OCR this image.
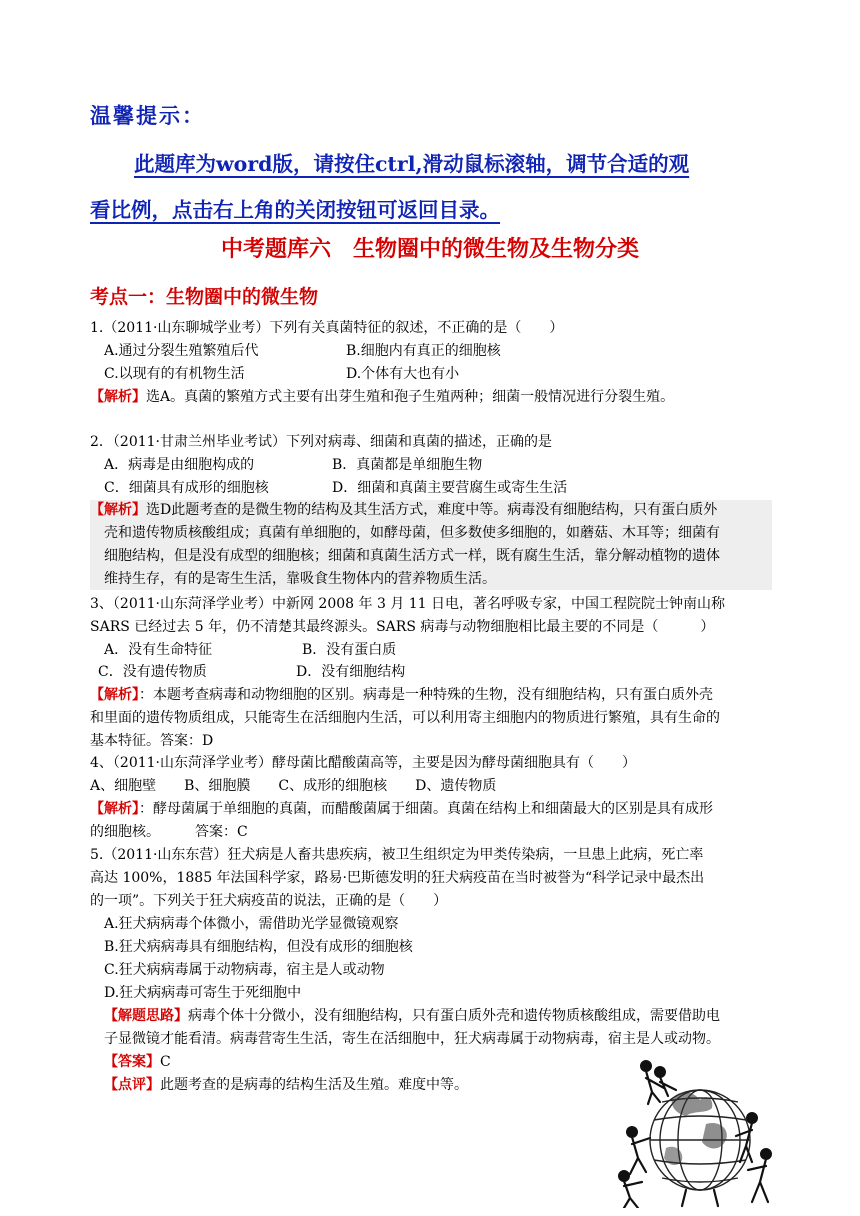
温馨提示：
此题库为word版，请按住ctrl,滑动鼠标滚轴，调节合适的观
看比例，点击右上角的关闭按钮可返回目录。
中考题库六　生物圈中的微生物及生物分类
考点一：生物圈中的微生物
1.（2011·山东聊城学业考）下列有关真菌特征的叙述，不正确的是（　　）
A.通过分裂生殖繁殖后代	B.细胞内有真正的细胞核
C.以现有的有机物生活	D.个体有大也有小
【解析】选A。真菌的繁殖方式主要有出芽生殖和孢子生殖两种；细菌一般情况进行分裂生殖。
2．（2011·甘肃兰州毕业考试）下列对病毒、细菌和真菌的描述，正确的是
A．病毒是由细胞构成的	B．真菌都是单细胞生物
C．细菌具有成形的细胞核	D．细菌和真菌主要营腐生或寄生生活
【解析】选D此题考查的是微生物的结构及其生活方式，难度中等。病毒没有细胞结构，只有蛋白质外
壳和遗传物质核酸组成；真菌有单细胞的，如酵母菌，但多数使多细胞的，如蘑菇、木耳等；细菌有
细胞结构，但是没有成型的细胞核；细菌和真菌生活方式一样，既有腐生生活，靠分解动植物的遗体
维持生存，有的是寄生生活，靠吸食生物体内的营养物质生活。
3、（2011·山东菏泽学业考）中新网 2008 年 3 月 11 日电，著名呼吸专家，中国工程院院士钟南山称
SARS 已经过去 5 年，仍不清楚其最终源头。SARS 病毒与动物细胞相比最主要的不同是（　　　）
A．没有生命特征	B．没有蛋白质
C．没有遗传物质	D．没有细胞结构
【解析】：本题考查病毒和动物细胞的区别。病毒是一种特殊的生物，没有细胞结构，只有蛋白质外壳
和里面的遗传物质组成，只能寄生在活细胞内生活，可以利用寄主细胞内的物质进行繁殖，具有生命的
基本特征。答案：D
4、（2011·山东菏泽学业考）酵母菌比醋酸菌高等，主要是因为酵母菌细胞具有（　　）
A、细胞壁　　B、细胞膜　　C、成形的细胞核　　D、遗传物质
【解析】：酵母菌属于单细胞的真菌，而醋酸菌属于细菌。真菌在结构上和细菌最大的区别是具有成形
的细胞核。　　　答案：C
5.（2011·山东东营）狂犬病是人畜共患疾病，被卫生组织定为甲类传染病，一旦患上此病，死亡率
高达 100%，1885 年法国科学家，路易·巴斯德发明的狂犬病疫苗在当时被誉为“科学记录中最杰出
的一项”。下列关于狂犬病疫苗的说法，正确的是（　　）
A.狂犬病病毒个体微小，需借助光学显微镜观察
B.狂犬病病毒具有细胞结构，但没有成形的细胞核
C.狂犬病病毒属于动物病毒，宿主是人或动物
D.狂犬病病毒可寄生于死细胞中
【解题思路】病毒个体十分微小，没有细胞结构，只有蛋白质外壳和遗传物质核酸组成，需要借助电
子显微镜才能看清。病毒营寄生生活，寄生在活细胞中，狂犬病毒属于动物病毒，宿主是人或动物。
【答案】C
【点评】此题考查的是病毒的结构生活及生殖。难度中等。
